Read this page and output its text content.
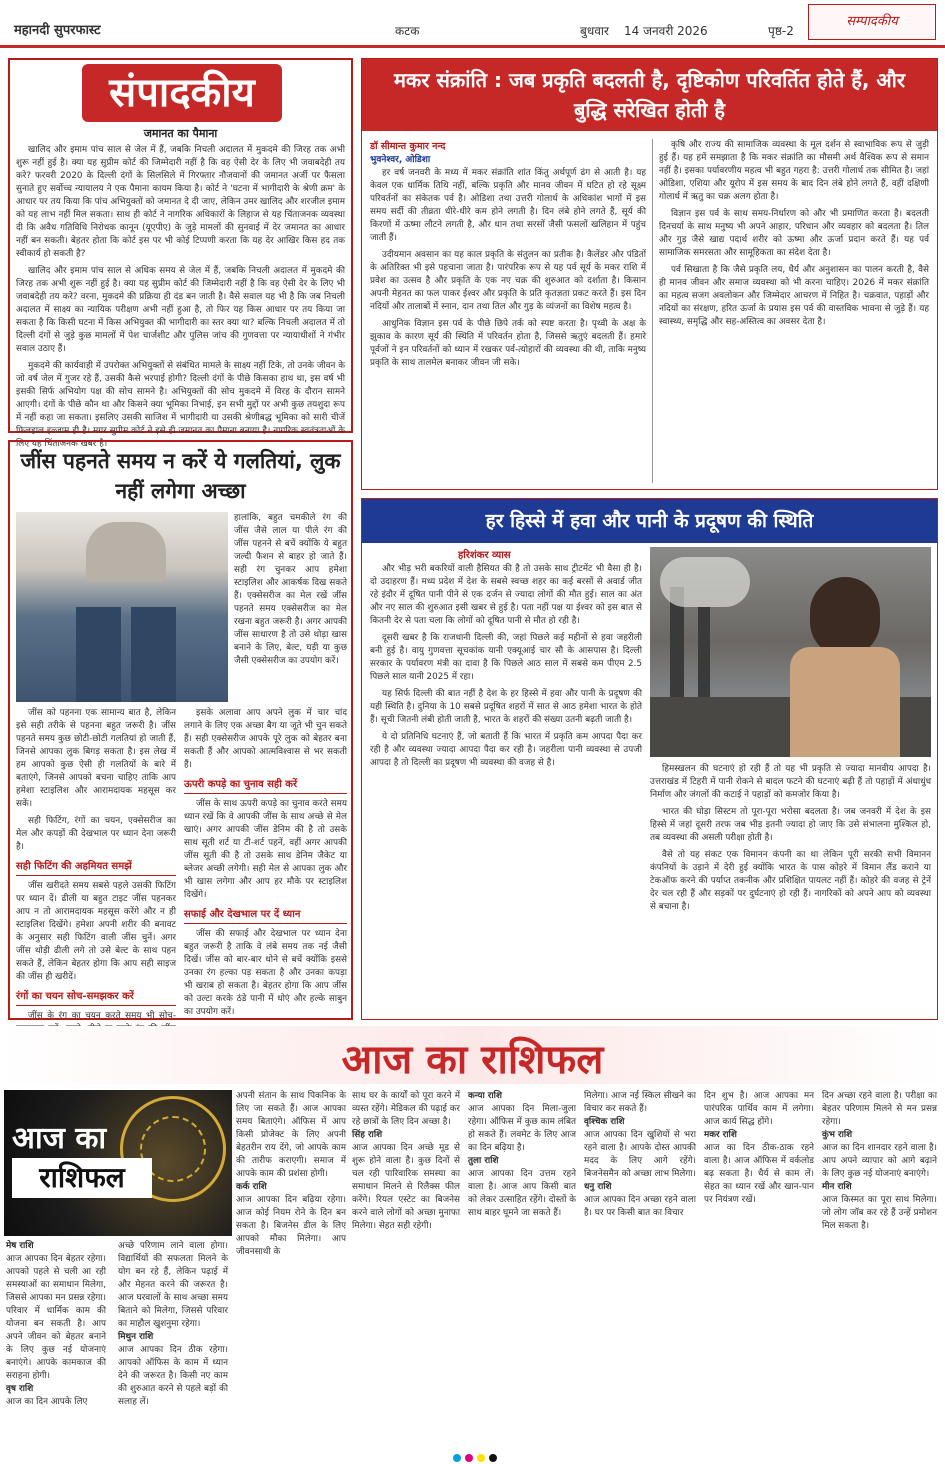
महानदी सुपरफास्ट	कटक	बुधवार 14 जनवरी 2026	पृष्ठ-2
सम्पादकीय
संपादकीय
जमानत का पैमाना

खालिद और इमाम पांच साल से जेल में हैं, जबकि निचली अदालत में मुकदमे की जिरह तक अभी शुरू नहीं हुई है। क्या यह सुप्रीम कोर्ट की जिम्मेदारी नहीं है कि वह ऐसी देर के लिए भी जवाबदेही तय करे? फरवरी 2020 के दिल्ली दंगों के सिलसिले में गिरफ्तार नौजवानों की जमानत अर्जी पर फैसला सुनाते हुए सर्वोच्च न्यायालय ने एक पैमाना कायम किया है। कोर्ट ने 'घटना में भागीदारी के श्रेणी क्रम' के आधार पर तय किया कि पांच अभियुक्तों को जमानत दे दी जाए, लेकिन उमर खालिद और शरजील इमाम को यह लाभ नहीं मिल सकता। साथ ही कोर्ट ने नागरिक अधिकारों के लिहाज से यह चिंताजनक व्यवस्था दी कि अवैध गतिविधि निरोधक कानून (यूएपीए) के जुड़े मामलों की सुनवाई में देर जमानत का आधार नहीं बन सकती। बेहतर होता कि कोर्ट इस पर भी कोई टिप्पणी करता कि यह देर आखिर किस हद तक स्वीकार्य हो सकती है?

खालिद और इमाम पांच साल से अधिक समय से जेल में हैं, जबकि निचली अदालत में मुकदमे की जिरह तक अभी शुरू नहीं हुई है। क्या यह सुप्रीम कोर्ट की जिम्मेदारी नहीं है कि वह ऐसी देर के लिए भी जवाबदेही तय करे? वरना, मुकदमे की प्रक्रिया ही दंड बन जाती है। वैसे सवाल यह भी है कि जब निचली अदालत में साक्ष्य का न्यायिक परीक्षण अभी नहीं हुआ है, तो फिर यह किस आधार पर तय किया जा सकता है कि किसी घटना में किस अभियुक्त की भागीदारी का स्तर क्या था? बल्कि निचली अदालत में तो दिल्ली दंगों से जुड़े कुछ मामलों में पेश चार्जशीट और पुलिस जांच की गुणवत्ता पर न्यायाधीशों ने गंभीर सवाल उठाए हैं।

मुकदमे की कार्यवाही में उपरोक्त अभियुक्तों से संबंधित मामले के साक्ष्य नहीं टिके, तो उनके जीवन के जो वर्ष जेल में गुजर रहे हैं, उसकी कैसे भरपाई होगी? दिल्ली दंगों के पीछे किसका हाथ था, इस वर्ष भी इसकी सिर्फ अभियोग पक्ष की सोच सामने है। अभियुक्तों की सोच मुकदमे में विरह के दौरान सामने आएगी। दंगों के पीछे कौन था और किसने क्या भूमिका निभाई, इन सभी मुद्दों पर अभी कुछ तयशुदा रूप में नहीं कहा जा सकता। इसलिए उसकी साजिश में भागीदारी या उसकी श्रेणीबद्ध भूमिका को सारी चीजें फिलहाल इल्जाम ही है। मगर सुप्रीम कोर्ट ने इसे ही जमानत का पैमाना बनाया है। नागरिक स्वतंत्रताओं के लिए यह चिंताजनक खबर है।

मकर संक्रांति : जब प्रकृति बदलती है, दृष्टिकोण परिवर्तित होते हैं, और बुद्धि सरेखित होती है
डॉ सीमान्त कुमार नन्द
भुवनेश्वर, ओडिशा

हर वर्ष जनवरी के मध्य में मकर संक्रांति शांत किंतु अर्थपूर्ण ढंग से आती है। यह केवल एक धार्मिक तिथि नहीं, बल्कि प्रकृति और मानव जीवन में घटित हो रहे सूक्ष्म परिवर्तनों का संकेतक पर्व है। ओडिशा तथा उत्तरी गोलार्ध के अधिकांश भागों में इस समय सर्दी की तीव्रता धीरे-धीरे कम होने लगती है। दिन लंबे होने लगते हैं, सूर्य की किरणों में ऊष्मा लौटने लगती है, और धान तथा सरसों जैसी फसलों खलिहान में पहुंच जाती हैं।

उदीयमान अवसान का यह काल प्रकृति के संतुलन का प्रतीक है। कैलेंडर और पंडितों के अतिरिक्त भी इसे पहचाना जाता है। पारंपरिक रूप से यह पर्व सूर्य के मकर राशि में प्रवेश का उत्सव है और प्रकृति के एक नए चक्र की शुरुआत को दर्शाता है। किसान अपनी मेहनत का फल पाकर ईश्वर और प्रकृति के प्रति कृतज्ञता प्रकट करते हैं। इस दिन नदियों और तालाबों में स्नान, दान तथा तिल और गुड़ के व्यंजनों का विशेष महत्व है।

आधुनिक विज्ञान इस पर्व के पीछे छिपे तर्क को स्पष्ट करता है। पृथ्वी के अक्ष के झुकाव के कारण सूर्य की स्थिति में परिवर्तन होता है, जिससे ऋतुएं बदलती हैं। हमारे पूर्वजों ने इन परिवर्तनों को ध्यान में रखकर पर्व-त्योहारों की व्यवस्था की थी, ताकि मनुष्य प्रकृति के साथ तालमेल बनाकर जीवन जी सके।

कृषि और राज्य की सामाजिक व्यवस्था के मूल दर्शन से स्वाभाविक रूप से जुड़ी हुई हैं। यह हमें समझाता है कि मकर संक्रांति का मौसमी अर्थ वैश्विक रूप से समान नहीं है। इसका पर्यावरणीय महत्व भी बहुत गहरा है: उत्तरी गोलार्ध तक सीमित है। जहां ओडिशा, एशिया और यूरोप में इस समय के बाद दिन लंबे होने लगते हैं, वहीं दक्षिणी गोलार्ध में ऋतु का चक्र अलग होता है।

विज्ञान इस पर्व के साथ समय-निर्धारण को और भी प्रमाणित करता है। बदलती दिनचर्या के साथ मनुष्य भी अपने आहार, परिधान और व्यवहार को बदलता है। तिल और गुड़ जैसे खाद्य पदार्थ शरीर को ऊष्मा और ऊर्जा प्रदान करते हैं। यह पर्व सामाजिक समरसता और सामूहिकता का संदेश देता है।

पर्व सिखाता है कि जैसे प्रकृति लय, धैर्य और अनुशासन का पालन करती है, वैसे ही मानव जीवन और समाज व्यवस्था को भी करना चाहिए। 2026 में मकर संक्रांति का महत्व सजग अवलोकन और जिम्मेदार आचरण में निहित है। चक्रवात, पहाड़ों और नदियों का संरक्षण, हरित ऊर्जा के प्रयास इस पर्व की वास्तविक भावना से जुड़े हैं। यह स्वास्थ्य, समृद्धि और सह-अस्तित्व का अवसर देता है।

जींस पहनते समय न करें ये गलतियां, लुक नहीं लगेगा अच्छा
हालांकि, बहुत चमकीले रंग की जींस जैसे लाल या पीले रंग की जींस पहनने से बचें क्योंकि ये बहुत जल्दी फैशन से बाहर हो जाते हैं। सही रंग चुनकर आप हमेशा स्टाइलिश और आकर्षक दिख सकते हैं। एक्सेसरीज का मेल रखें जींस पहनते समय एक्सेसरीज का मेल रखना बहुत जरूरी है। अगर आपकी जींस साधारण है तो उसे थोड़ा खास बनाने के लिए, बेल्ट, घड़ी या कुछ जैसी एक्सेसरीज का उपयोग करें।

जींस को पहनना एक सामान्य बात है, लेकिन इसे सही तरीके से पहनना बहुत जरूरी है। जींस पहनते समय कुछ छोटी-छोटी गलतियां हो जाती हैं, जिनसे आपका लुक बिगड़ सकता है। इस लेख में हम आपको कुछ ऐसी ही गलतियों के बारे में बताएंगे, जिनसे आपको बचना चाहिए ताकि आप हमेशा स्टाइलिश और आरामदायक महसूस कर सकें।

सही फिटिंग, रंगों का चयन, एक्सेसरीज का मेल और कपड़ों की देखभाल पर ध्यान देना जरूरी है।

सही फिटिंग की अहमियत समझें

जींस खरीदते समय सबसे पहले उसकी फिटिंग पर ध्यान दें। ढीली या बहुत टाइट जींस पहनकर आप न तो आरामदायक महसूस करेंगे और न ही स्टाइलिश दिखेंगे। हमेशा अपनी शरीर की बनावट के अनुसार सही फिटिंग वाली जींस चुनें। अगर जींस थोड़ी ढीली लगे तो उसे बेल्ट के साथ पहन सकते हैं, लेकिन बेहतर होगा कि आप सही साइज की जींस ही खरीदें।

रंगों का चयन सोच-समझकर करें

जींस के रंग का चयन करते समय भी सोच-

इसके अलावा आप अपने लुक में चार चांद लगाने के लिए एक अच्छा बैग या जूते भी चुन सकते हैं। सही एक्सेसरीज आपके पूरे लुक को बेहतर बना सकती हैं और आपको आत्मविश्वास से भर सकती हैं।

ऊपरी कपड़े का चुनाव सही करें

जींस के साथ ऊपरी कपड़े का चुनाव करते समय ध्यान रखें कि वे आपकी जींस के साथ अच्छे से मेल खाएं। अगर आपकी जींस डेनिम की है तो उसके साथ सूती शर्ट या टी-शर्ट पहनें, वहीं अगर आपकी जींस सूती की है तो उसके साथ डेनिम जैकेट या ब्लेजर अच्छी लगेगी। सही मेल से आपका लुक और भी खास लगेगा और आप हर मौके पर स्टाइलिश दिखेंगे।

सफाई और देखभाल पर दें ध्यान

जींस की सफाई और देखभाल पर ध्यान देना बहुत जरूरी है ताकि वे लंबे समय तक नई जैसी दिखें। जींस को बार-बार धोने से बचें क्योंकि इससे उनका रंग हल्का पड़ सकता है और उनका कपड़ा भी खराब हो सकता है। बेहतर होगा कि आप जींस को उल्टा करके ठंडे पानी में धोएं और हल्के साबुन का उपयोग करें।

हर हिस्से में हवा और पानी के प्रदूषण की स्थिति
हरिशंकर व्यास

और भीड़ भरी बकरियों वाली हैसियत की है तो उसके साथ ट्रीटमेंट भी वैसा ही है। दो उदाहरण हैं। मध्य प्रदेश में देश के सबसे स्वच्छ शहर का कई बरसों से अवार्ड जीत रहे इंदौर में दूषित पानी पीने से एक दर्जन से ज्यादा लोगों की मौत हुई। साल का अंत और नए साल की शुरुआत इसी खबर से हुई है। पता नहीं पक्ष या ईश्वर को इस बात से कितनी देर से पता चला कि लोगों को दूषित पानी से मौत हो रही है।

दूसरी खबर है कि राजधानी दिल्ली की, जहां पिछले कई महीनों से हवा जहरीली बनी हुई है। वायु गुणवत्ता सूचकांक यानी एक्यूआई चार सौ के आसपास है। दिल्ली सरकार के पर्यावरण मंत्री का दावा है कि पिछले आठ साल में सबसे कम पीएम 2.5 पिछले साल यानी 2025 में रहा।

यह सिर्फ दिल्ली की बात नहीं है देश के हर हिस्से में हवा और पानी के प्रदूषण की यही स्थिति है। दुनिया के 10 सबसे प्रदूषित शहरों में सात से आठ हमेशा भारत के होते हैं। सूची जितनी लंबी होती जाती है, भारत के शहरों की संख्या उतनी बढ़ती जाती है।

ये दो प्रतिनिधि घटनाएं हैं, जो बताती हैं कि भारत में प्रकृति कम आपदा पैदा कर रही है और व्यवस्था ज्यादा आपदा पैदा कर रही है। जहरीला पानी व्यवस्था से उपजी आपदा है तो दिल्ली का प्रदूषण भी व्यवस्था की वजह से है।

हिमस्खलन की घटनाएं हो रही हैं तो यह भी प्रकृति से ज्यादा मानवीय आपदा है। उत्तराखंड में टिहरी में पानी रोकने से बादल फटने की घटनाएं बढ़ी हैं तो पहाड़ों में अंधाधुंध निर्माण और जंगलों की कटाई ने पहाड़ों को कमजोर किया है।

भारत की घोड़ा सिस्टम तो पूरा-पूरा भरोसा बदलता है। जब जनवरी में देश के इस हिस्से में जहां दूसरी तरफ जब भीड़ इतनी ज्यादा हो जाए कि उसे संभालना मुश्किल हो, तब व्यवस्था की असली परीक्षा होती है।

वैसे तो यह संकट एक विमानन कंपनी का था लेकिन पूरी सरकी सभी विमानन कंपनियों के उड़ाने में देरी हुई क्योंकि भारत के पास कोहरे में विमान लैंड कराने या टेकऑफ करने की पर्याप्त तकनीक और प्रशिक्षित पायलट नहीं हैं। कोहरे की वजह से ट्रेनें देर चल रही हैं और सड़कों पर दुर्घटनाएं हो रही हैं। नागरिकों को अपने आप को व्यवस्था से बचाना है।

आज का राशिफल
आज का
राशिफल
मेष राशि
आज आपका दिन बेहतर रहेगा। आपको पहले से चली आ रही समस्याओं का समाधान मिलेगा, जिससे आपका मन प्रसन्न रहेगा। परिवार में धार्मिक काम की योजना बन सकती है। आप अपने जीवन को बेहतर बनाने के लिए कुछ नई योजनाएं बनाएंगे। आपके कामकाज की सराहना होगी।
वृष राशि
आज का दिन आपके लिए
अच्छे परिणाम लाने वाला होगा। विद्यार्थियों की सफलता मिलने के योग बन रहे हैं, लेकिन पढ़ाई में और मेहनत करने की जरूरत है। आज घरवालों के साथ अच्छा समय बिताने को मिलेगा, जिससे परिवार का माहौल खुशनुमा रहेगा।
मिथुन राशि
आज आपका दिन ठीक रहेगा। आपको ऑफिस के काम में ध्यान देने की जरूरत है। किसी नए काम की शुरुआत करने से पहले बड़ों की सलाह लें।
अपनी संतान के साथ पिकनिक के लिए जा सकते हैं। आज आपका समय बिताएंगे। ऑफिस में आप किसी प्रोजेक्ट के लिए अपनी बेहतरीन राय देंगे, जो आपके काम की तारीफ कराएगी। समाज में आपके काम की प्रशंसा होगी।
कर्क राशि
आज आपका दिन बढ़िया रहेगा। आज कोई नियम रोने के दिन बन सकता है। बिजनेस डील के लिए आपको मौका मिलेगा। आप जीवनसाथी के
साथ घर के कार्यों को पूरा करने में व्यस्त रहेंगे। मेडिकल की पढ़ाई कर रहे छात्रों के लिए दिन अच्छा है।
सिंह राशि
आज आपका दिन अच्छे मूड से शुरू होने वाला है। कुछ दिनों से चल रही पारिवारिक समस्या का समाधान मिलने से रिलैक्स फील करेंगे। रियल एस्टेट का बिजनेस करने वाले लोगों को अच्छा मुनाफा मिलेगा। सेहत सही रहेगी।
कन्या राशि
आज आपका दिन मिला-जुला रहेगा। ऑफिस में कुछ काम लंबित हो सकते हैं। लवमेट के लिए आज का दिन बढ़िया है।
तुला राशि
आज आपका दिन उत्तम रहने वाला है। आज आप किसी बात को लेकर उत्साहित रहेंगे। दोस्तों के साथ बाहर घूमने जा सकते हैं।
मिलेगा। आज नई स्किल सीखने का विचार कर सकते हैं।
वृश्चिक राशि
आज आपका दिन खुशियों से भरा रहने वाला है। आपके दोस्त आपकी मदद के लिए आगे रहेंगे। बिजनेसमैन को अच्छा लाभ मिलेगा।
धनु राशि
आज आपका दिन अच्छा रहने वाला है। घर पर किसी बात का विचार
दिन शुभ है। आज आपका मन पारंपरिक पार्थिव काम में लगेगा। आज कार्य सिद्ध होंगे।
मकर राशि
आज का दिन ठीक-ठाक रहने वाला है। आज ऑफिस में वर्कलोड बढ़ सकता है। धैर्य से काम लें। सेहत का ध्यान रखें और खान-पान पर नियंत्रण रखें।
दिन अच्छा रहने वाला है। परीक्षा का बेहतर परिणाम मिलने से मन प्रसन्न रहेगा।
कुंभ राशि
आज का दिन शानदार रहने वाला है। आप अपने व्यापार को आगे बढ़ाने के लिए कुछ नई योजनाएं बनाएंगे।
मीन राशि
आज किस्मत का पूरा साथ मिलेगा। जो लोग जॉब कर रहे हैं उन्हें प्रमोशन मिल सकता है।
